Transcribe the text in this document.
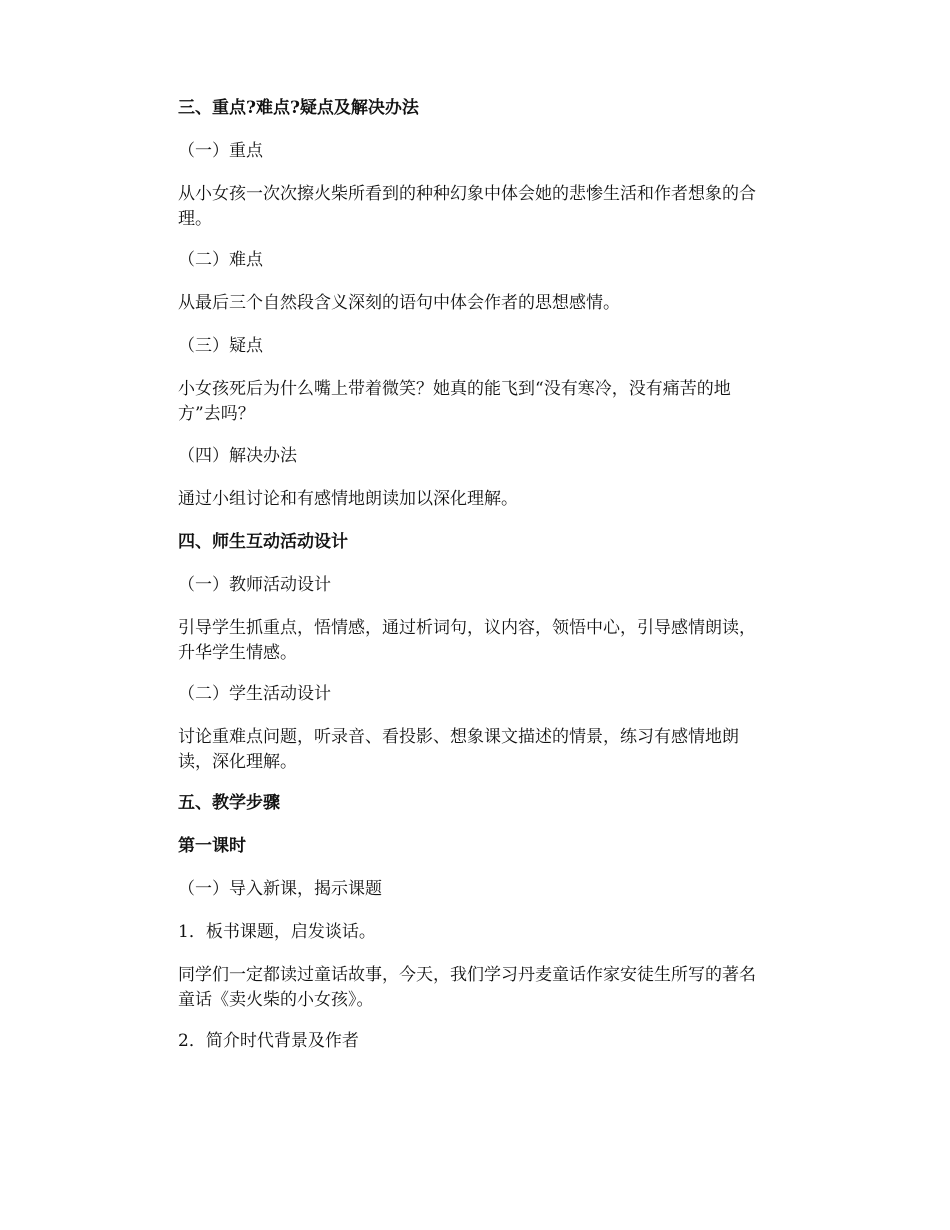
三、重点?难点?疑点及解决办法
（一）重点
从小女孩一次次擦火柴所看到的种种幻象中体会她的悲惨生活和作者想象的合
理。
（二）难点
从最后三个自然段含义深刻的语句中体会作者的思想感情。
（三）疑点
小女孩死后为什么嘴上带着微笑？她真的能飞到“没有寒冷，没有痛苦的地
方”去吗？
（四）解决办法
通过小组讨论和有感情地朗读加以深化理解。
四、师生互动活动设计
（一）教师活动设计
引导学生抓重点，悟情感，通过析词句，议内容，领悟中心，引导感情朗读，
升华学生情感。
（二）学生活动设计
讨论重难点问题，听录音、看投影、想象课文描述的情景，练习有感情地朗
读，深化理解。
五、教学步骤
第一课时
（一）导入新课，揭示课题
1．板书课题，启发谈话。
同学们一定都读过童话故事，今天，我们学习丹麦童话作家安徒生所写的著名
童话《卖火柴的小女孩》。
2．简介时代背景及作者
